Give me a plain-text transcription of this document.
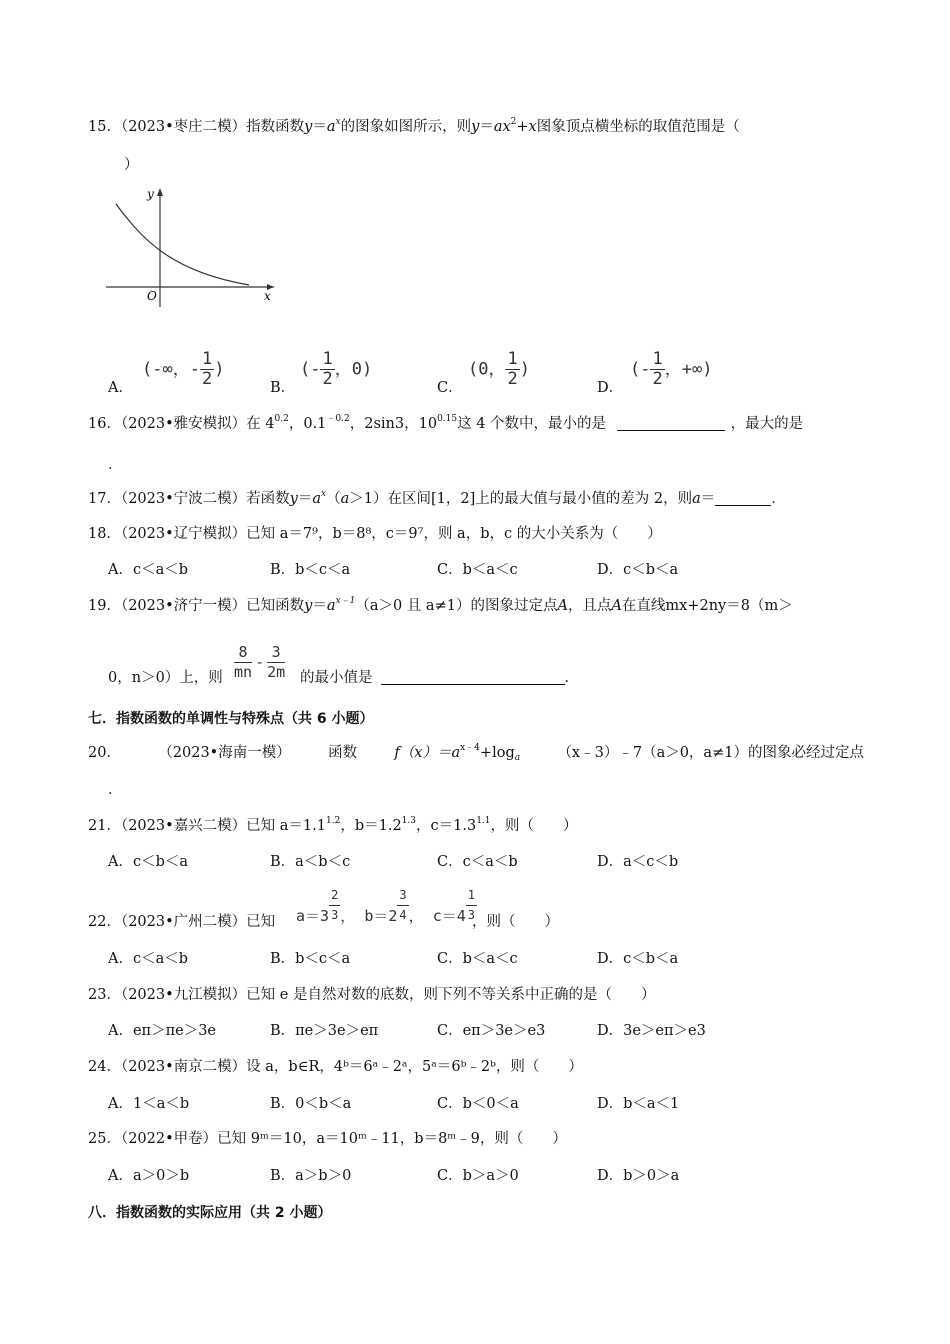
15．（2023•枣庄二模）指数函数$y=a^x$的图象如图所示，则$y=ax^2+x$图象顶点横坐标的取值范围是（
）
y
x
O
A．
(-∞，- $\frac{1}{2}$ )
B．
(- $\frac{1}{2}$ ，0)
C．
(0， $\frac{1}{2}$ )
D．
(- $\frac{1}{2}$ ，+∞)
16．（2023•雅安模拟）在 $4^{0.2}$，$0.1^{﹣0.2}$，2sin3，$10^{0.15}$这 4 个数中，最小的是	，最大的是
．
17．（2023•宁波二模）若函数$y=a^x(a>1)$在区间[1，2]上的最大值与最小值的差为 2，则a＝	．
18．（2023•辽宁模拟）已知 a＝7⁹，b＝8⁸，c＝9⁷，则 a，b，c 的大小关系为（　　）
A．c＜a＜b	B．b＜c＜a	C．b＜a＜c	D．c＜b＜a
19．（2023•济宁一模）已知函数$y=a^{x﹣1}(a>0$ 且 a≠1）的图象过定点A，且点A在直线mx+2ny＝8（m＞
0，n＞0）上，则 $\frac{8}{mn} - \frac{3}{2m}$ 的最小值是	．
七．指数函数的单调性与特殊点（共 6 小题）
20．	（2023•海南一模）	函数	$f(x)=a^{x﹣4}+\log_a$	（x﹣3）﹣7（a＞0，a≠1）的图象必经过定点
．
21．（2023•嘉兴二模）已知 $a=1.1^{1.2}$，$b=1.2^{1.3}$，$c=1.3^{1.1}$，则（　　）
A．c＜b＜a	B．a＜b＜c	C．c＜a＜b	D．a＜c＜b
22．（2023•广州二模）已知 $a=3 \frac{2}{3}$ ， $b=2 \frac{3}{4}$ ， $c=4 \frac{1}{3}$
，则（　　）
A．c＜a＜b	B．b＜c＜a	C．b＜a＜c	D．c＜b＜a
23．（2023•九江模拟）已知 e 是自然对数的底数，则下列不等关系中正确的是（　　）
A．eπ＞πe＞3e	B．πe＞3e＞eπ	C．eπ＞3e＞e3	D．3e＞eπ＞e3
24．（2023•南京二模）设 a，b∈R，4ᵇ＝6ᵃ﹣2ᵃ，5ᵃ＝6ᵇ﹣2ᵇ，则（　　）
A．1＜a＜b	B．0＜b＜a	C．b＜0＜a	D．b＜a＜1
25．（2022•甲卷）已知 9ᵐ＝10，a＝10ᵐ﹣11，b＝8ᵐ﹣9，则（　　）
A．a＞0＞b	B．a＞b＞0	C．b＞a＞0	D．b＞0＞a
八．指数函数的实际应用（共 2 小题）
